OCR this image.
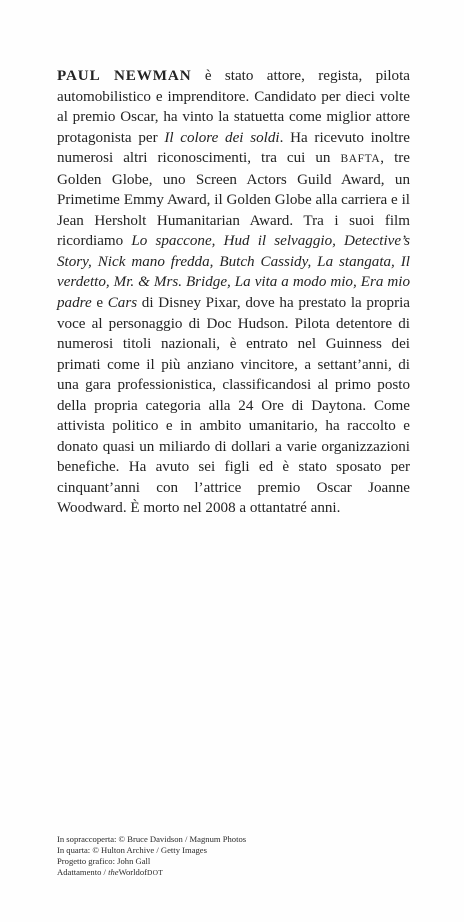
PAUL NEWMAN è stato attore, regista, pilota automobilistico e imprenditore. Candidato per dieci volte al premio Oscar, ha vinto la statuetta come miglior attore protagonista per Il colore dei soldi. Ha ricevuto inoltre numerosi altri riconoscimenti, tra cui un BAFTA, tre Golden Globe, uno Screen Actors Guild Award, un Primetime Emmy Award, il Golden Globe alla carriera e il Jean Hersholt Humanitarian Award. Tra i suoi film ricordiamo Lo spaccone, Hud il selvaggio, Detective’s Story, Nick mano fredda, Butch Cassidy, La stangata, Il verdetto, Mr. & Mrs. Bridge, La vita a modo mio, Era mio padre e Cars di Disney Pixar, dove ha prestato la propria voce al personaggio di Doc Hudson. Pilota detentore di numerosi titoli nazionali, è entrato nel Guinness dei primati come il più anziano vincitore, a settant’anni, di una gara professionistica, classificandosi al primo posto della propria categoria alla 24 Ore di Daytona. Come attivista politico e in ambito umanitario, ha raccolto e donato quasi un miliardo di dollari a varie organizzazioni benefiche. Ha avuto sei figli ed è stato sposato per cinquant’anni con l’attrice premio Oscar Joanne Woodward. È morto nel 2008 a ottantatré anni.

In sopraccoperta: © Bruce Davidson / Magnum Photos
In quarta: © Hulton Archive / Getty Images
Progetto grafico: John Gall
Adattamento / theWorldofDOT
